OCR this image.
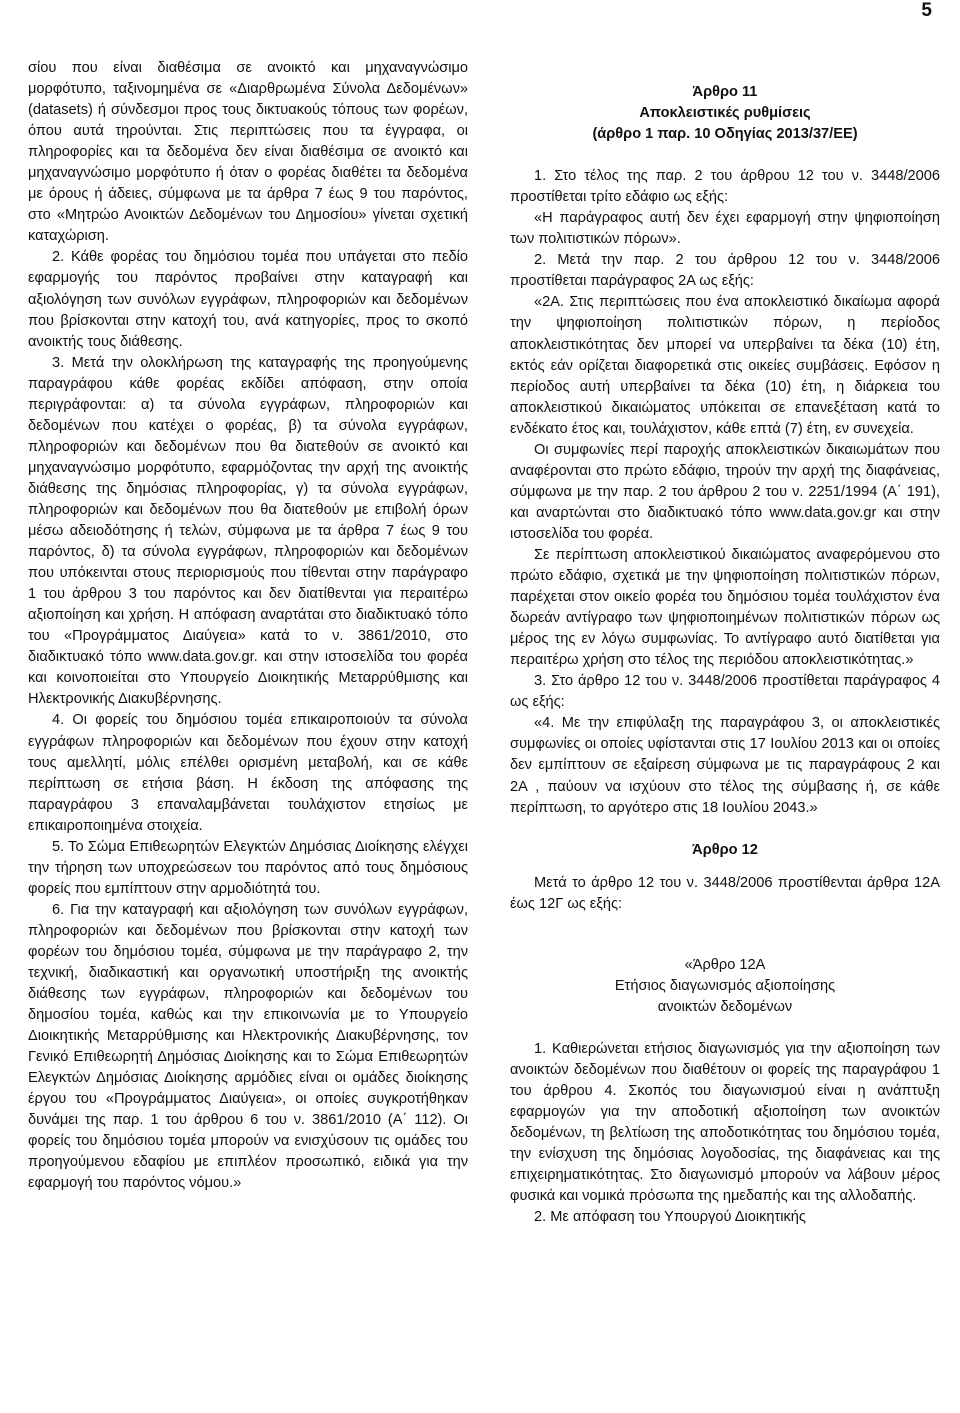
5

σίου που είναι διαθέσιμα σε ανοικτό και μηχαναγνώσιμο μορφότυπο, ταξινομημένα σε «Διαρθρωμένα Σύνολα Δεδομένων» (datasets) ή σύνδεσμοι προς τους δικτυακούς τόπους των φορέων, όπου αυτά τηρούνται. Στις περιπτώσεις που τα έγγραφα, οι πληροφορίες και τα δεδομένα δεν είναι διαθέσιμα σε ανοικτό και μηχαναγνώσιμο μορφότυπο ή όταν ο φορέας διαθέτει τα δεδομένα με όρους ή άδειες, σύμφωνα με τα άρθρα 7 έως 9 του παρόντος, στο «Μητρώο Ανοικτών Δεδομένων του Δημοσίου» γίνεται σχετική καταχώριση.

2. Κάθε φορέας του δημόσιου τομέα που υπάγεται στο πεδίο εφαρμογής του παρόντος προβαίνει στην καταγραφή και αξιολόγηση των συνόλων εγγράφων, πληροφοριών και δεδομένων που βρίσκονται στην κατοχή του, ανά κατηγορίες, προς το σκοπό ανοικτής τους διάθεσης.

3. Μετά την ολοκλήρωση της καταγραφής της προηγούμενης παραγράφου κάθε φορέας εκδίδει απόφαση, στην οποία περιγράφονται: α) τα σύνολα εγγράφων, πληροφοριών και δεδομένων που κατέχει ο φορέας, β) τα σύνολα εγγράφων, πληροφοριών και δεδομένων που θα διατεθούν σε ανοικτό και μηχαναγνώσιμο μορφότυπο, εφαρμόζοντας την αρχή της ανοικτής διάθεσης της δημόσιας πληροφορίας, γ) τα σύνολα εγγράφων, πληροφοριών και δεδομένων που θα διατεθούν με επιβολή όρων μέσω αδειοδότησης ή τελών, σύμφωνα με τα άρθρα 7 έως 9 του παρόντος, δ) τα σύνολα εγγράφων, πληροφοριών και δεδομένων που υπόκεινται στους περιορισμούς που τίθενται στην παράγραφο 1 του άρθρου 3 του παρόντος και δεν διατίθενται για περαιτέρω αξιοποίηση και χρήση. Η απόφαση αναρτάται στο διαδικτυακό τόπο του «Προγράμματος Διαύγεια» κατά το ν. 3861/2010, στο διαδικτυακό τόπο www.data.gov.gr. και στην ιστοσελίδα του φορέα και κοινοποιείται στο Υπουργείο Διοικητικής Μεταρρύθμισης και Ηλεκτρονικής Διακυβέρνησης.

4. Οι φορείς του δημόσιου τομέα επικαιροποιούν τα σύνολα εγγράφων πληροφοριών και δεδομένων που έχουν στην κατοχή τους αμελλητί, μόλις επέλθει ορισμένη μεταβολή, και σε κάθε περίπτωση σε ετήσια βάση. Η έκδοση της απόφασης της παραγράφου 3 επαναλαμβάνεται τουλάχιστον ετησίως με επικαιροποιημένα στοιχεία.

5. Το Σώμα Επιθεωρητών Ελεγκτών Δημόσιας Διοίκησης ελέγχει την τήρηση των υποχρεώσεων του παρόντος από τους δημόσιους φορείς που εμπίπτουν στην αρμοδιότητά του.

6. Για την καταγραφή και αξιολόγηση των συνόλων εγγράφων, πληροφοριών και δεδομένων που βρίσκονται στην κατοχή των φορέων του δημόσιου τομέα, σύμφωνα με την παράγραφο 2, την τεχνική, διαδικαστική και οργανωτική υποστήριξη της ανοικτής διάθεσης των εγγράφων, πληροφοριών και δεδομένων του δημοσίου τομέα, καθώς και την επικοινωνία με το Υπουργείο Διοικητικής Μεταρρύθμισης και Ηλεκτρονικής Διακυβέρνησης, τον Γενικό Επιθεωρητή Δημόσιας Διοίκησης και το Σώμα Επιθεωρητών Ελεγκτών Δημόσιας Διοίκησης αρμόδιες είναι οι ομάδες διοίκησης έργου του «Προγράμματος Διαύγεια», οι οποίες συγκροτήθηκαν δυνάμει της παρ. 1 του άρθρου 6 του ν. 3861/2010 (Α΄ 112). Οι φορείς του δημόσιου τομέα μπορούν να ενισχύσουν τις ομάδες του προηγούμενου εδαφίου με επιπλέον προσωπικό, ειδικά για την εφαρμογή του παρόντος νόμου.»

Άρθρο 11

Αποκλειστικές ρυθμίσεις

(άρθρο 1 παρ. 10 Οδηγίας 2013/37/ΕΕ)

1. Στο τέλος της παρ. 2 του άρθρου 12 του ν. 3448/2006 προστίθεται τρίτο εδάφιο ως εξής:

«Η παράγραφος αυτή δεν έχει εφαρμογή στην ψηφιοποίηση των πολιτιστικών πόρων».

2. Μετά την παρ. 2 του άρθρου 12 του ν. 3448/2006 προστίθεται παράγραφος 2Α ως εξής:

«2Α. Στις περιπτώσεις που ένα αποκλειστικό δικαίωμα αφορά την ψηφιοποίηση πολιτιστικών πόρων, η περίοδος αποκλειστικότητας δεν μπορεί να υπερβαίνει τα δέκα (10) έτη, εκτός εάν ορίζεται διαφορετικά στις οικείες συμβάσεις. Εφόσον η περίοδος αυτή υπερβαίνει τα δέκα (10) έτη, η διάρκεια του αποκλειστικού δικαιώματος υπόκειται σε επανεξέταση κατά το ενδέκατο έτος και, τουλάχιστον, κάθε επτά (7) έτη, εν συνεχεία.

Οι συμφωνίες περί παροχής αποκλειστικών δικαιωμάτων που αναφέρονται στο πρώτο εδάφιο, τηρούν την αρχή της διαφάνειας, σύμφωνα με την παρ. 2 του άρθρου 2 του ν. 2251/1994 (Α΄ 191), και αναρτώνται στο διαδικτυακό τόπο www.data.gov.gr και στην ιστοσελίδα του φορέα.

Σε περίπτωση αποκλειστικού δικαιώματος αναφερόμενου στο πρώτο εδάφιο, σχετικά με την ψηφιοποίηση πολιτιστικών πόρων, παρέχεται στον οικείο φορέα του δημόσιου τομέα τουλάχιστον ένα δωρεάν αντίγραφο των ψηφιοποιημένων πολιτιστικών πόρων ως μέρος της εν λόγω συμφωνίας. Το αντίγραφο αυτό διατίθεται για περαιτέρω χρήση στο τέλος της περιόδου αποκλειστικότητας.»

3. Στο άρθρο 12 του ν. 3448/2006 προστίθεται παράγραφος 4 ως εξής:

«4. Με την επιφύλαξη της παραγράφου 3, οι αποκλειστικές συμφωνίες οι οποίες υφίστανται στις 17 Ιουλίου 2013 και οι οποίες δεν εμπίπτουν σε εξαίρεση σύμφωνα με τις παραγράφους 2 και 2Α , παύουν να ισχύουν στο τέλος της σύμβασης ή, σε κάθε περίπτωση, το αργότερο στις 18 Ιουλίου 2043.»

Άρθρο 12

Μετά το άρθρο 12 του ν. 3448/2006 προστίθενται άρθρα 12Α έως 12Γ ως εξής:

«Άρθρο 12Α

Ετήσιος διαγωνισμός αξιοποίησης

ανοικτών δεδομένων

1. Καθιερώνεται ετήσιος διαγωνισμός για την αξιοποίηση των ανοικτών δεδομένων που διαθέτουν οι φορείς της παραγράφου 1 του άρθρου 4. Σκοπός του διαγωνισμού είναι η ανάπτυξη εφαρμογών για την αποδοτική αξιοποίηση των ανοικτών δεδομένων, τη βελτίωση της αποδοτικότητας του δημόσιου τομέα, την ενίσχυση της δημόσιας λογοδοσίας, της διαφάνειας και της επιχειρηματικότητας. Στο διαγωνισμό μπορούν να λάβουν μέρος φυσικά και νομικά πρόσωπα της ημεδαπής και της αλλοδαπής.

2. Με απόφαση του Υπουργού Διοικητικής
